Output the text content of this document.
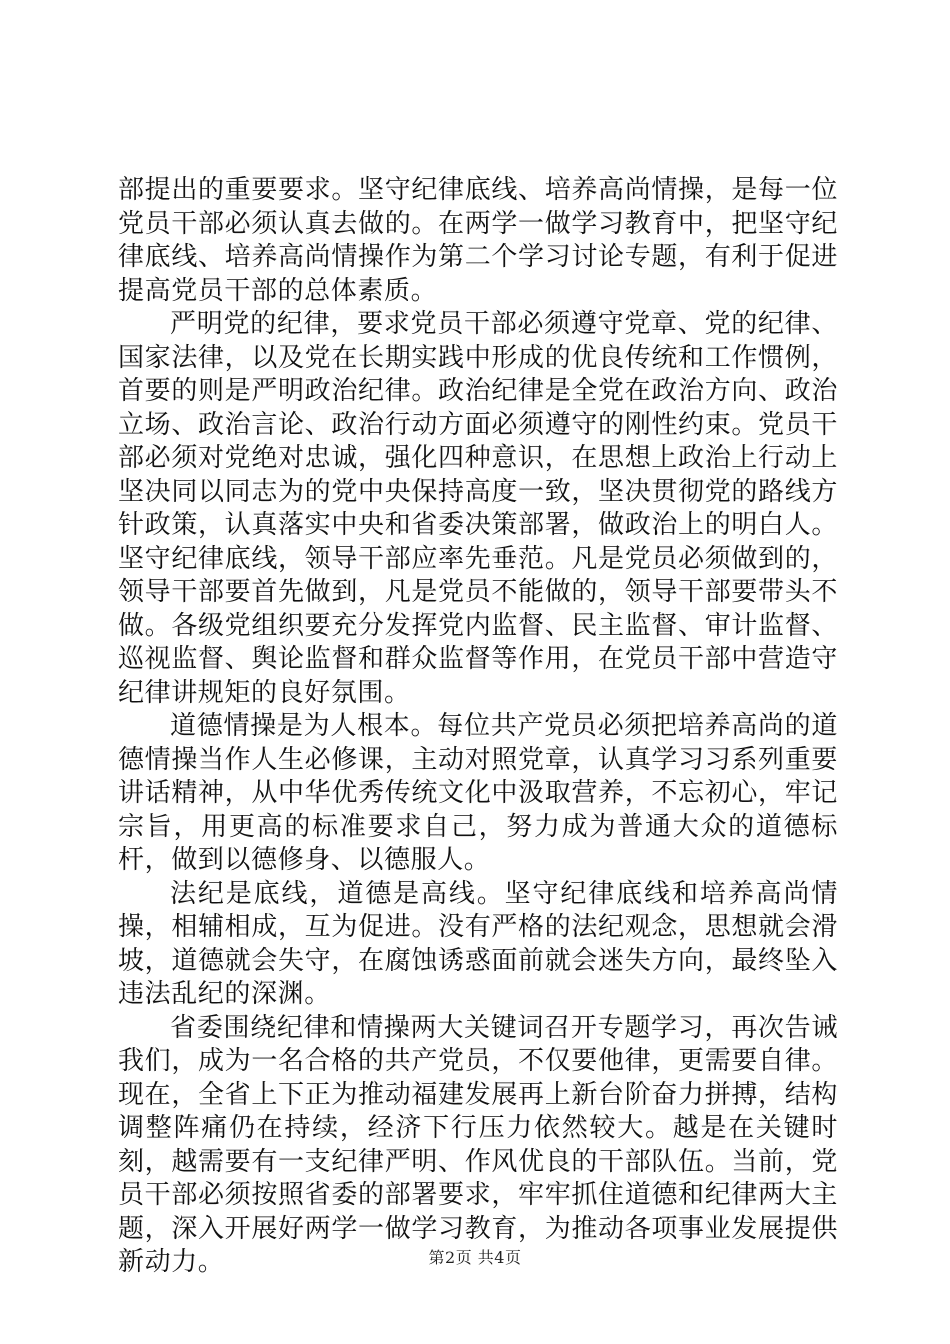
部提出的重要要求。坚守纪律底线、培养高尚情操，是每一位党员干部必须认真去做的。在两学一做学习教育中，把坚守纪律底线、培养高尚情操作为第二个学习讨论专题，有利于促进提高党员干部的总体素质。

严明党的纪律，要求党员干部必须遵守党章、党的纪律、国家法律，以及党在长期实践中形成的优良传统和工作惯例，首要的则是严明政治纪律。政治纪律是全党在政治方向、政治立场、政治言论、政治行动方面必须遵守的刚性约束。党员干部必须对党绝对忠诚，强化四种意识，在思想上政治上行动上坚决同以同志为的党中央保持高度一致，坚决贯彻党的路线方针政策，认真落实中央和省委决策部署，做政治上的明白人。坚守纪律底线，领导干部应率先垂范。凡是党员必须做到的，领导干部要首先做到，凡是党员不能做的，领导干部要带头不做。各级党组织要充分发挥党内监督、民主监督、审计监督、巡视监督、舆论监督和群众监督等作用，在党员干部中营造守纪律讲规矩的良好氛围。

道德情操是为人根本。每位共产党员必须把培养高尚的道德情操当作人生必修课，主动对照党章，认真学习习系列重要讲话精神，从中华优秀传统文化中汲取营养，不忘初心，牢记宗旨，用更高的标准要求自己，努力成为普通大众的道德标杆，做到以德修身、以德服人。

法纪是底线，道德是高线。坚守纪律底线和培养高尚情操，相辅相成，互为促进。没有严格的法纪观念，思想就会滑坡，道德就会失守，在腐蚀诱惑面前就会迷失方向，最终坠入违法乱纪的深渊。

省委围绕纪律和情操两大关键词召开专题学习，再次告诫我们，成为一名合格的共产党员，不仅要他律，更需要自律。现在，全省上下正为推动福建发展再上新台阶奋力拼搏，结构调整阵痛仍在持续，经济下行压力依然较大。越是在关键时刻，越需要有一支纪律严明、作风优良的干部队伍。当前，党员干部必须按照省委的部署要求，牢牢抓住道德和纪律两大主题，深入开展好两学一做学习教育，为推动各项事业发展提供新动力。	第2页 共4页
